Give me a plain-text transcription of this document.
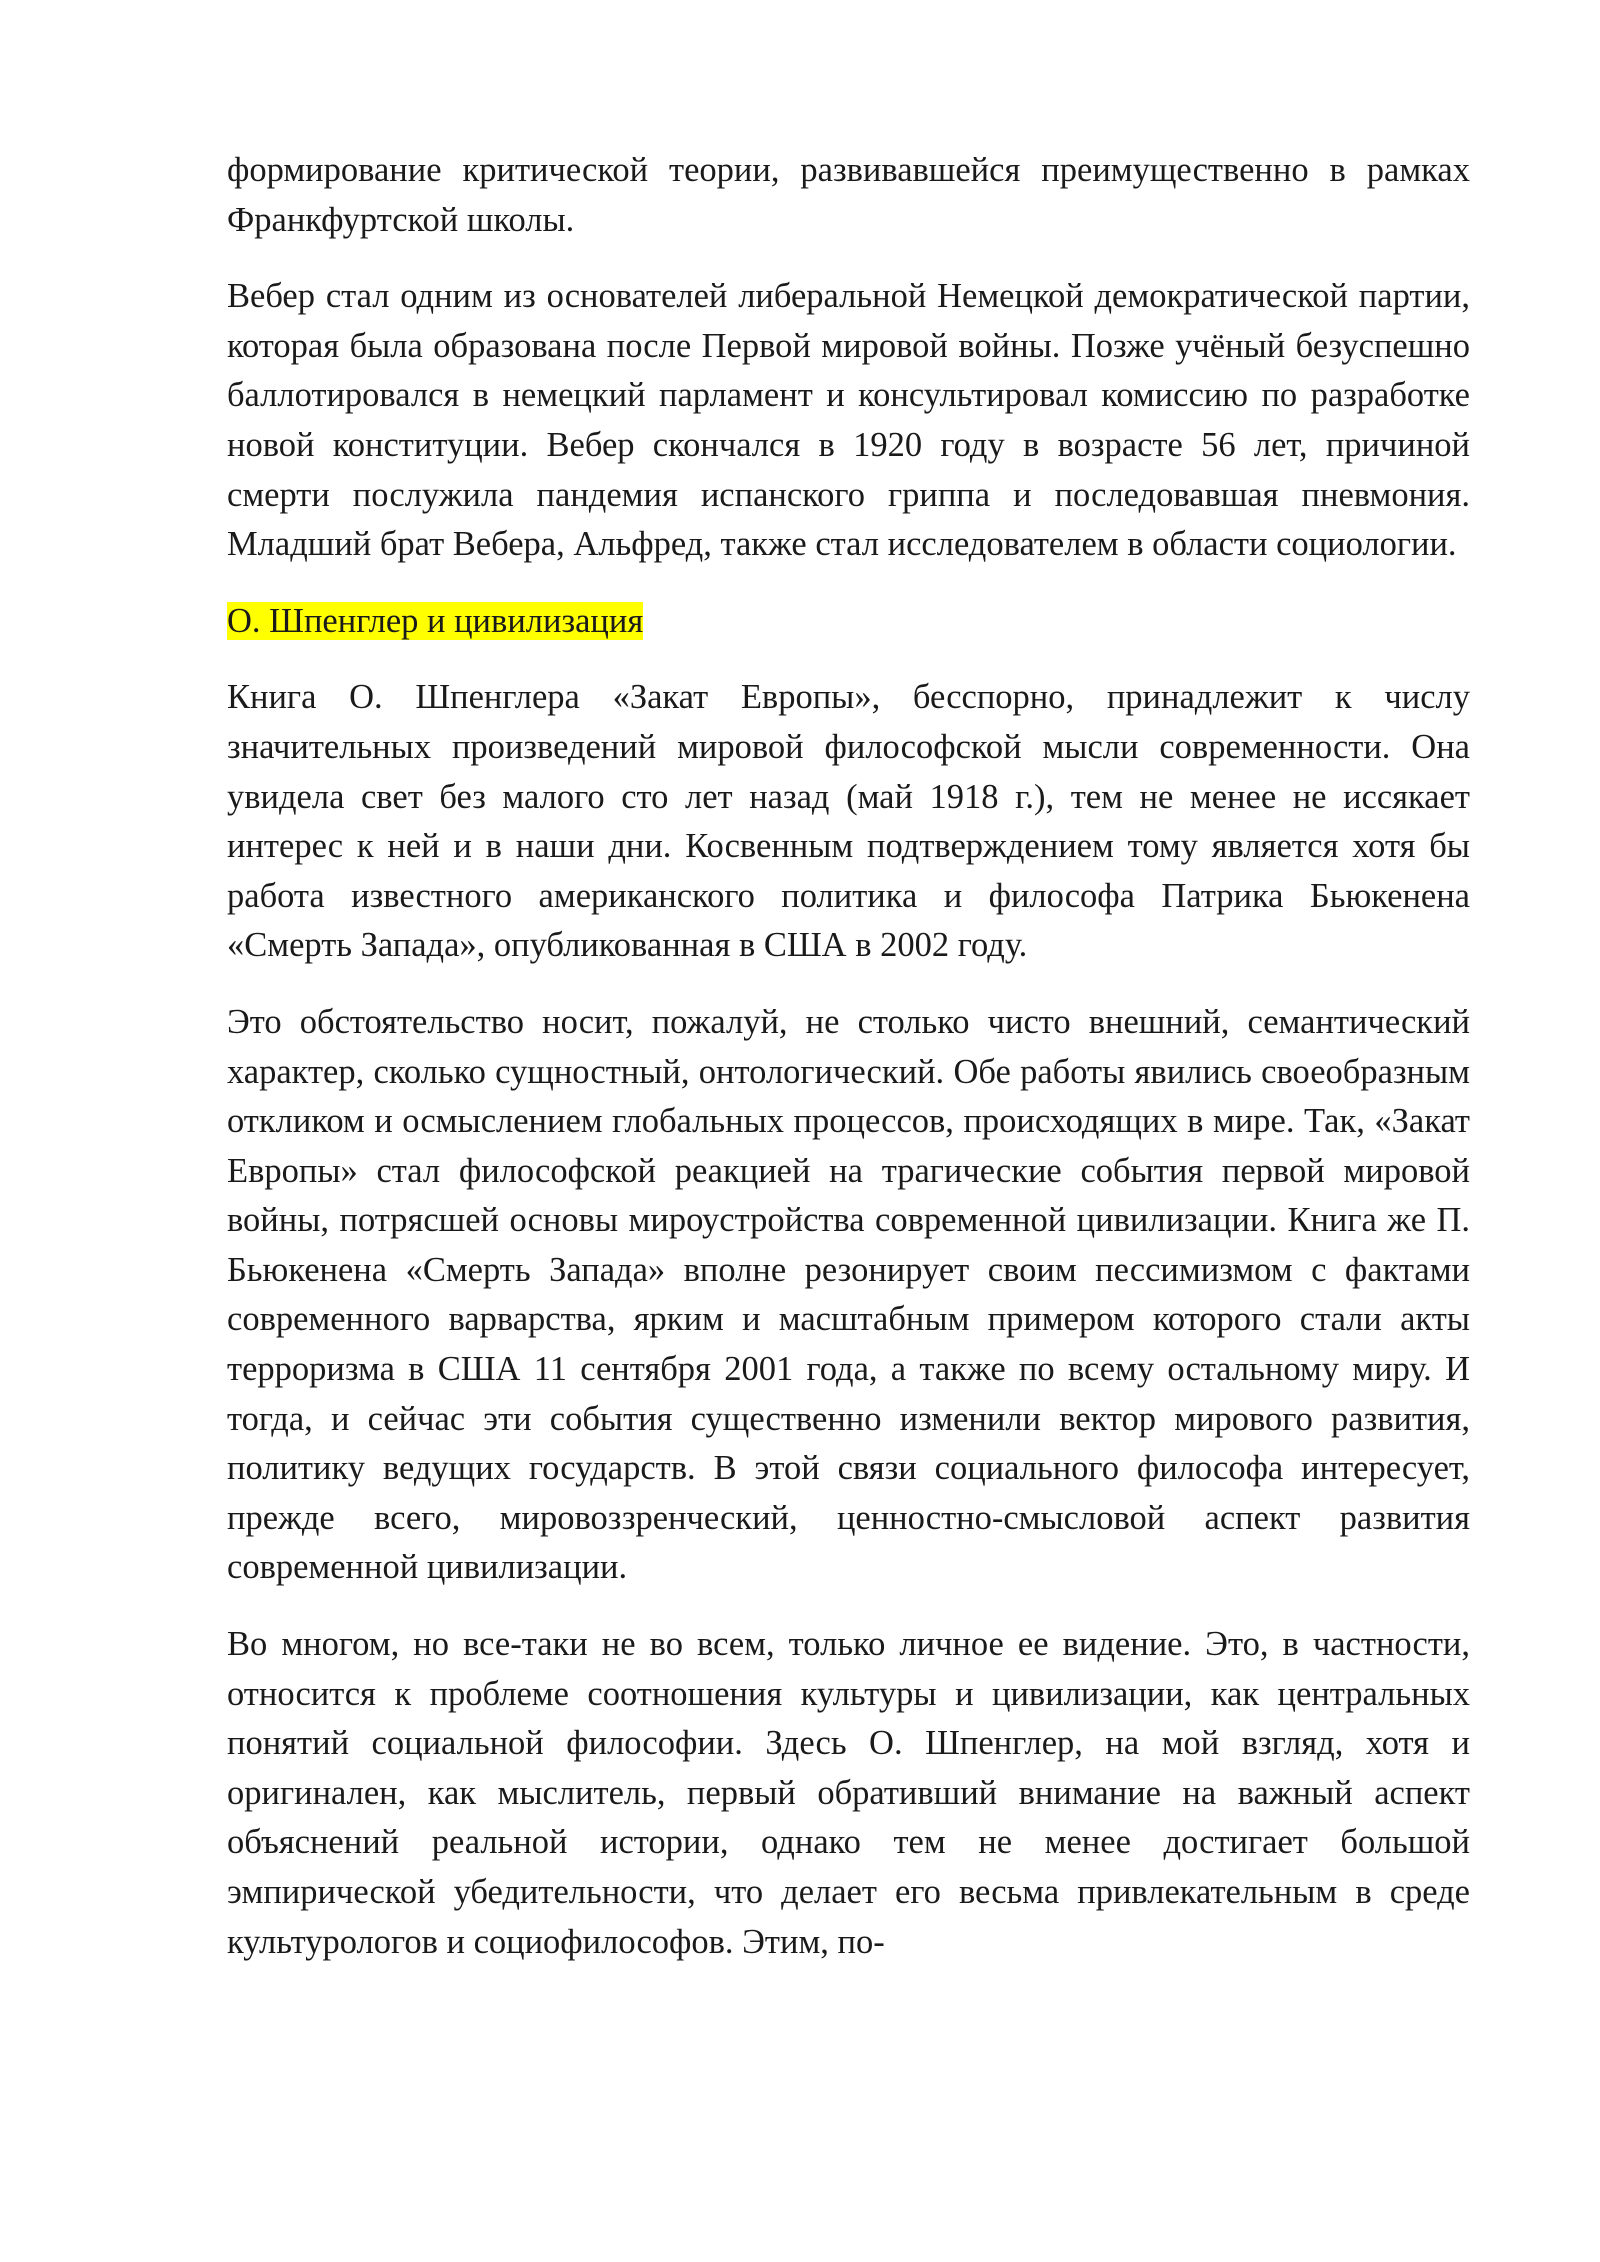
формирование критической теории, развивавшейся преимущественно в рамках Франкфуртской школы.

Вебер стал одним из основателей либеральной Немецкой демократической партии, которая была образована после Первой мировой войны. Позже учёный безуспешно баллотировался в немецкий парламент и консультировал комиссию по разработке новой конституции. Вебер скончался в 1920 году в возрасте 56 лет, причиной смерти послужила пандемия испанского гриппа и последовавшая пневмония. Младший брат Вебера, Альфред, также стал исследователем в области социологии.

О. Шпенглер и цивилизация

Книга О. Шпенглера «Закат Европы», бесспорно, принадлежит к числу значительных произведений мировой философской мысли современности. Она увидела свет без малого сто лет назад (май 1918 г.), тем не менее не иссякает интерес к ней и в наши дни. Косвенным подтверждением тому является хотя бы работа известного американского политика и философа Патрика Бьюкенена «Смерть Запада», опубликованная в США в 2002 году.

Это обстоятельство носит, пожалуй, не столько чисто внешний, семантический характер, сколько сущностный, онтологический. Обе работы явились своеобразным откликом и осмыслением глобальных процессов, происходящих в мире. Так, «Закат Европы» стал философской реакцией на трагические события первой мировой войны, потрясшей основы мироустройства современной цивилизации. Книга же П. Бьюкенена «Смерть Запада» вполне резонирует своим пессимизмом с фактами современного варварства, ярким и масштабным примером которого стали акты терроризма в США 11 сентября 2001 года, а также по всему остальному миру. И тогда, и сейчас эти события существенно изменили вектор мирового развития, политику ведущих государств. В этой связи социального философа интересует, прежде всего, мировоззренческий, ценностно-смысловой аспект развития современной цивилизации.

Во многом, но все-таки не во всем, только личное ее видение. Это, в частности, относится к проблеме соотношения культуры и цивилизации, как центральных понятий социальной философии. Здесь О. Шпенглер, на мой взгляд, хотя и оригинален, как мыслитель, первый обративший внимание на важный аспект объяснений реальной истории, однако тем не менее достигает большой эмпирической убедительности, что делает его весьма привлекательным в среде культурологов и социофилософов. Этим, по-
